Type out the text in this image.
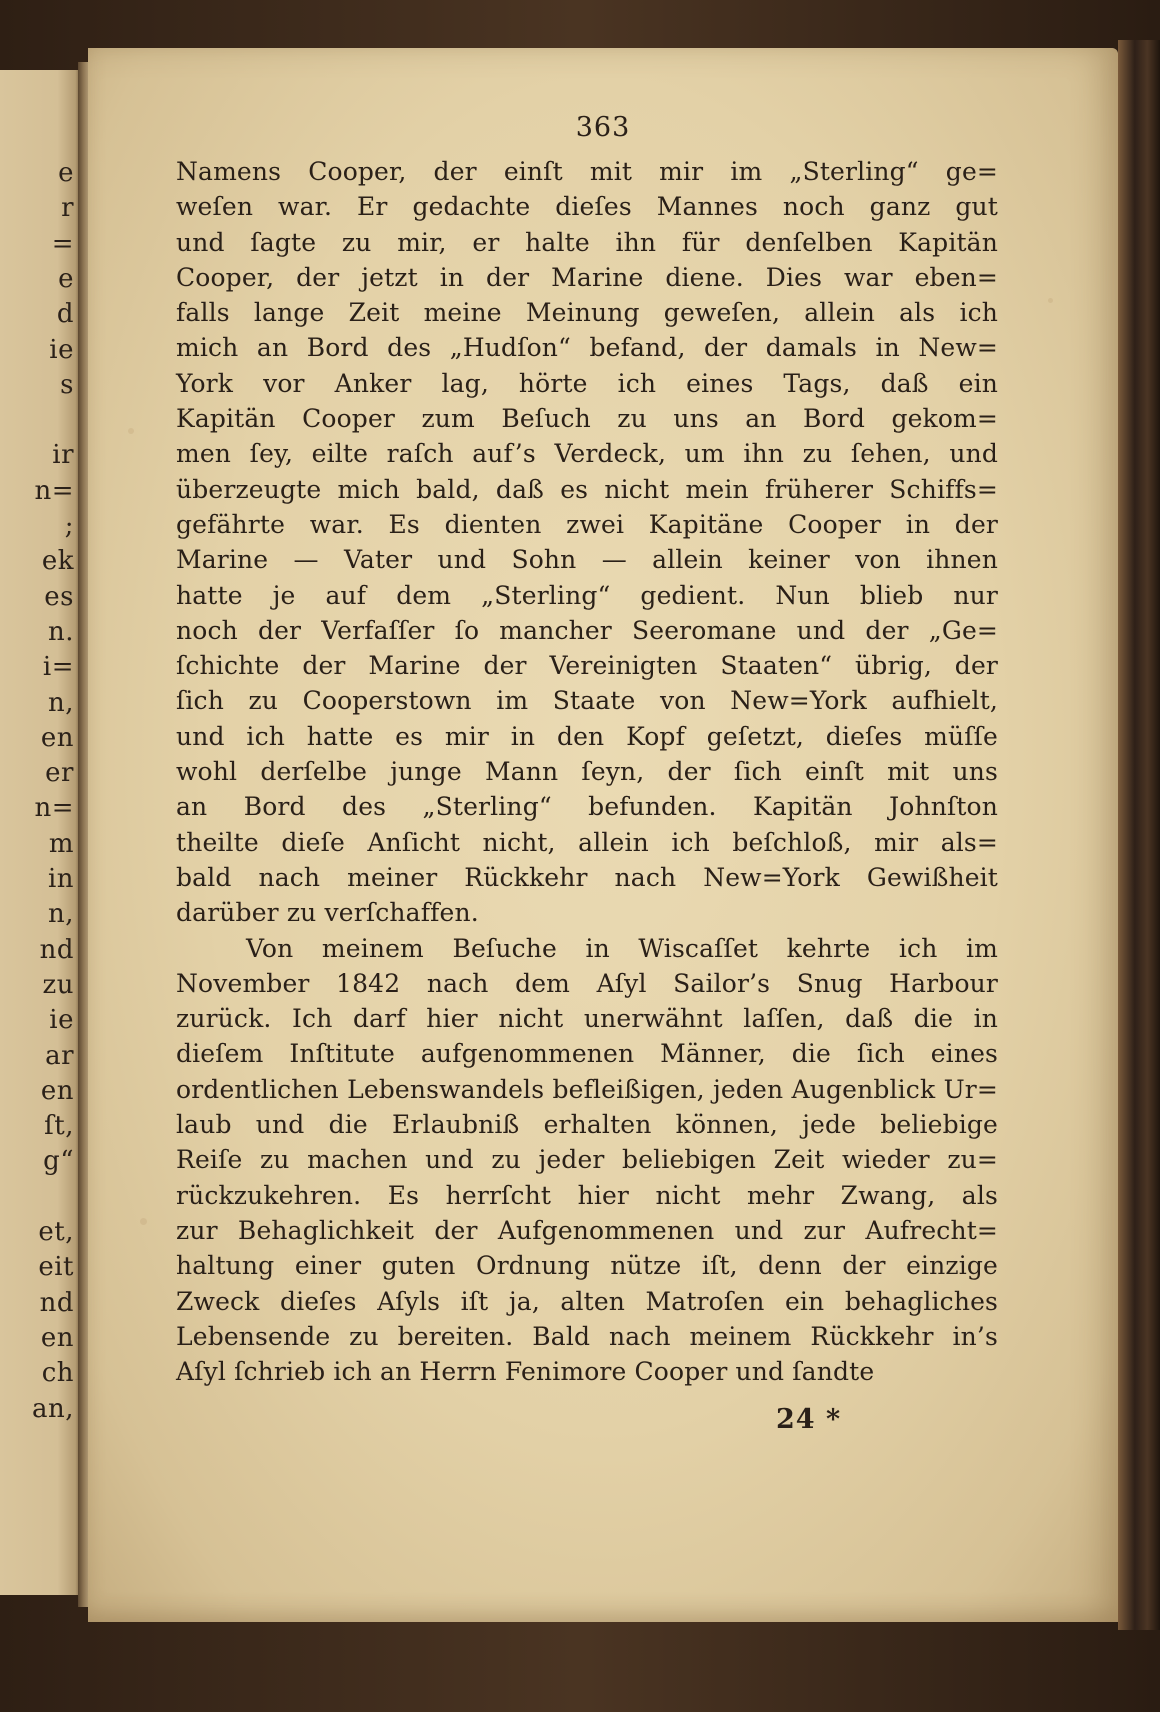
e
r
=
e
d
ie
s
ir
n=
;
ek
es
n.
i=
n,
en
er
n=
m
in
n,
nd
zu
ie
ar
en
ſt,
g“
et,
eit
nd
en
ch
an,
363
Namens Cooper, der einſt mit mir im „Sterling“ ge=
weſen war. Er gedachte dieſes Mannes noch ganz gut
und ſagte zu mir, er halte ihn für denſelben Kapitän
Cooper, der jetzt in der Marine diene. Dies war eben=
falls lange Zeit meine Meinung geweſen, allein als ich
mich an Bord des „Hudſon“ befand, der damals in New=
York vor Anker lag, hörte ich eines Tags, daß ein
Kapitän Cooper zum Beſuch zu uns an Bord gekom=
men ſey, eilte raſch auf’s Verdeck, um ihn zu ſehen, und
überzeugte mich bald, daß es nicht mein früherer Schiffs=
gefährte war. Es dienten zwei Kapitäne Cooper in der
Marine — Vater und Sohn — allein keiner von ihnen
hatte je auf dem „Sterling“ gedient. Nun blieb nur
noch der Verfaſſer ſo mancher Seeromane und der „Ge=
ſchichte der Marine der Vereinigten Staaten“ übrig, der
ſich zu Cooperstown im Staate von New=York aufhielt,
und ich hatte es mir in den Kopf geſetzt, dieſes müſſe
wohl derſelbe junge Mann ſeyn, der ſich einſt mit uns
an Bord des „Sterling“ befunden. Kapitän Johnſton
theilte dieſe Anſicht nicht, allein ich beſchloß, mir als=
bald nach meiner Rückkehr nach New=York Gewißheit
darüber zu verſchaffen.
Von meinem Beſuche in Wiscaſſet kehrte ich im
November 1842 nach dem Aſyl Sailor’s Snug Harbour
zurück. Ich darf hier nicht unerwähnt laſſen, daß die in
dieſem Inſtitute aufgenommenen Männer, die ſich eines
ordentlichen Lebenswandels befleißigen, jeden Augenblick Ur=
laub und die Erlaubniß erhalten können, jede beliebige
Reiſe zu machen und zu jeder beliebigen Zeit wieder zu=
rückzukehren. Es herrſcht hier nicht mehr Zwang, als
zur Behaglichkeit der Aufgenommenen und zur Aufrecht=
haltung einer guten Ordnung nütze iſt, denn der einzige
Zweck dieſes Aſyls iſt ja, alten Matroſen ein behagliches
Lebensende zu bereiten. Bald nach meinem Rückkehr in’s
Aſyl ſchrieb ich an Herrn Fenimore Cooper und ſandte
24 *
